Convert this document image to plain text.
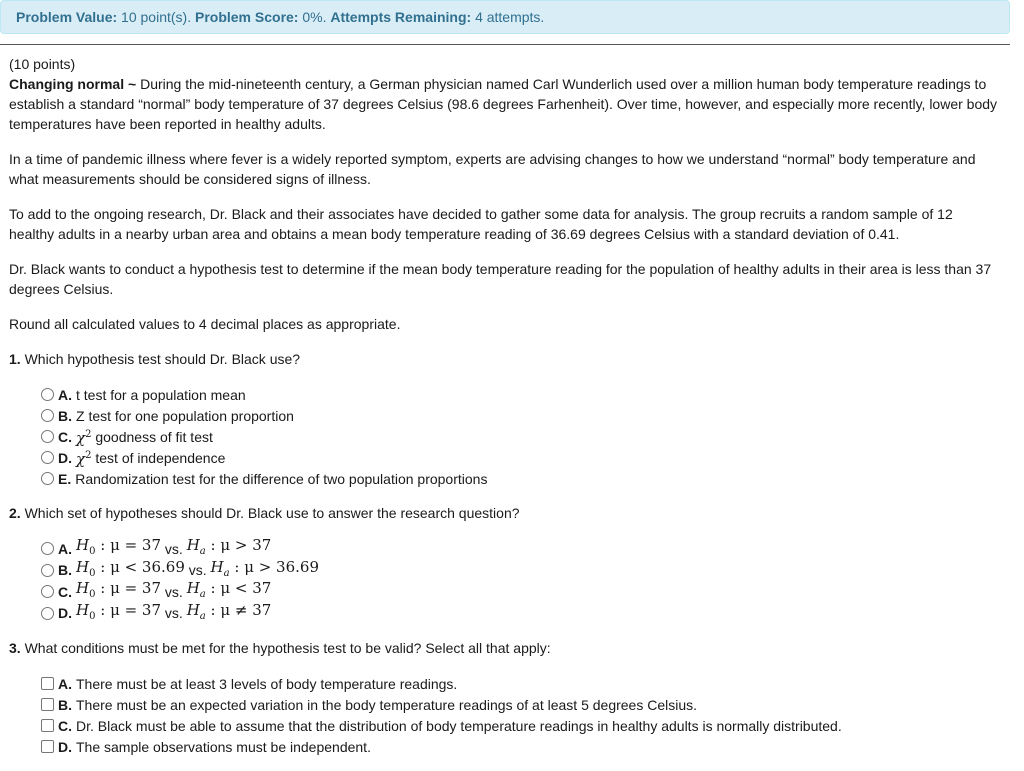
Problem Value: 10 point(s). Problem Score: 0%. Attempts Remaining: 4 attempts.

(10 points)

Changing normal ~ During the mid-nineteenth century, a German physician named Carl Wunderlich used over a million human body temperature readings to establish a standard “normal” body temperature of 37 degrees Celsius (98.6 degrees Farhenheit). Over time, however, and especially more recently, lower body temperatures have been reported in healthy adults.

In a time of pandemic illness where fever is a widely reported symptom, experts are advising changes to how we understand “normal” body temperature and what measurements should be considered signs of illness.

To add to the ongoing research, Dr. Black and their associates have decided to gather some data for analysis. The group recruits a random sample of 12 healthy adults in a nearby urban area and obtains a mean body temperature reading of 36.69 degrees Celsius with a standard deviation of 0.41.

Dr. Black wants to conduct a hypothesis test to determine if the mean body temperature reading for the population of healthy adults in their area is less than 37 degrees Celsius.

Round all calculated values to 4 decimal places as appropriate.

1. Which hypothesis test should Dr. Black use?

A. t test for a population mean
B. Z test for one population proportion
C. $\chi^2$
goodness of fit test
D. $\chi^2$
test of independence
E. Randomization test for the difference of two population proportions

2. Which set of hypotheses should Dr. Black use to answer the research question?

A. $H_0$ : μ = 37
vs.
$H_a$ : μ > 37
B. $H_0$ : μ < 36.69
vs.
$H_a$ : μ > 36.69
C. $H_0$ : μ = 37
vs.
$H_a$ : μ < 37
D. $H_0$ : μ = 37
vs.
$H_a$ : μ ≠ 37

3. What conditions must be met for the hypothesis test to be valid? Select all that apply:

A. There must be at least 3 levels of body temperature readings.
B. There must be an expected variation in the body temperature readings of at least 5 degrees Celsius.
C. Dr. Black must be able to assume that the distribution of body temperature readings in healthy adults is normally distributed.
D. The sample observations must be independent.
